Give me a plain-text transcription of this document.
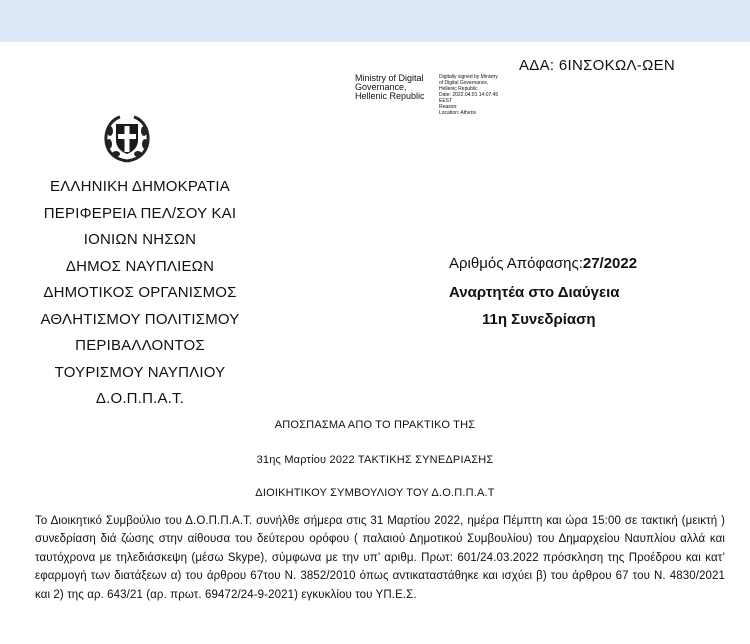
ΑΔΑ: 6ΙΝΣΟΚΩΛ-ΩΕΝ
Ministry of Digital
Governance,
Hellenic Republic
Digitally signed by Ministry
of Digital Governance,
Hellenic Republic
Date: 2022.04.01 14:07:45
EEST
Reason:
Location: Athens
ΕΛΛΗΝΙΚΗ ΔΗΜΟΚΡΑΤΙΑ
ΠΕΡΙΦΕΡΕΙΑ ΠΕΛ/ΣΟΥ ΚΑΙ
ΙΟΝΙΩΝ ΝΗΣΩΝ
ΔΗΜΟΣ ΝΑΥΠΛΙΕΩΝ
ΔΗΜΟΤΙΚΟΣ ΟΡΓΑΝΙΣΜΟΣ
ΑΘΛΗΤΙΣΜΟΥ ΠΟΛΙΤΙΣΜΟΥ
ΠΕΡΙΒΑΛΛΟΝΤΟΣ
ΤΟΥΡΙΣΜΟΥ ΝΑΥΠΛΙΟΥ
Δ.Ο.Π.Π.Α.Τ.
Αριθμός Απόφασης:27/2022
Αναρτητέα στο Διαύγεια
11η Συνεδρίαση
ΑΠΟΣΠΑΣΜΑ ΑΠΟ ΤΟ ΠΡΑΚΤΙΚΟ ΤΗΣ
31ης Μαρτίου 2022 ΤΑΚΤΙΚΗΣ ΣΥΝΕΔΡΙΑΣΗΣ
ΔΙΟΙΚΗΤΙΚΟΥ ΣΥΜΒΟΥΛΙΟΥ ΤΟΥ Δ.Ο.Π.Π.Α.Τ
Το Διοικητικό Συμβούλιο του Δ.Ο.Π.Π.Α.Τ. συνήλθε σήμερα στις 31 Μαρτίου 2022, ημέρα Πέμπτη και ώρα 15:00 σε τακτική (μεικτή ) συνεδρίαση διά ζώσης στην αίθουσα του δεύτερου ορόφου ( παλαιού Δημοτικού Συμβουλίου) του Δημαρχείου Ναυπλίου αλλά και ταυτόχρονα με τηλεδιάσκεψη (μέσω Skype), σύμφωνα με την υπ’ αριθμ. Πρωτ: 601/24.03.2022 πρόσκληση της Προέδρου και κατ’ εφαρμογή των διατάξεων α) του άρθρου 67του Ν. 3852/2010 όπως αντικαταστάθηκε και ισχύει β) του άρθρου 67 του Ν. 4830/2021 και 2) της αρ. 643/21 (αρ. πρωτ. 69472/24-9-2021) εγκυκλίου του ΥΠ.Ε.Σ.
